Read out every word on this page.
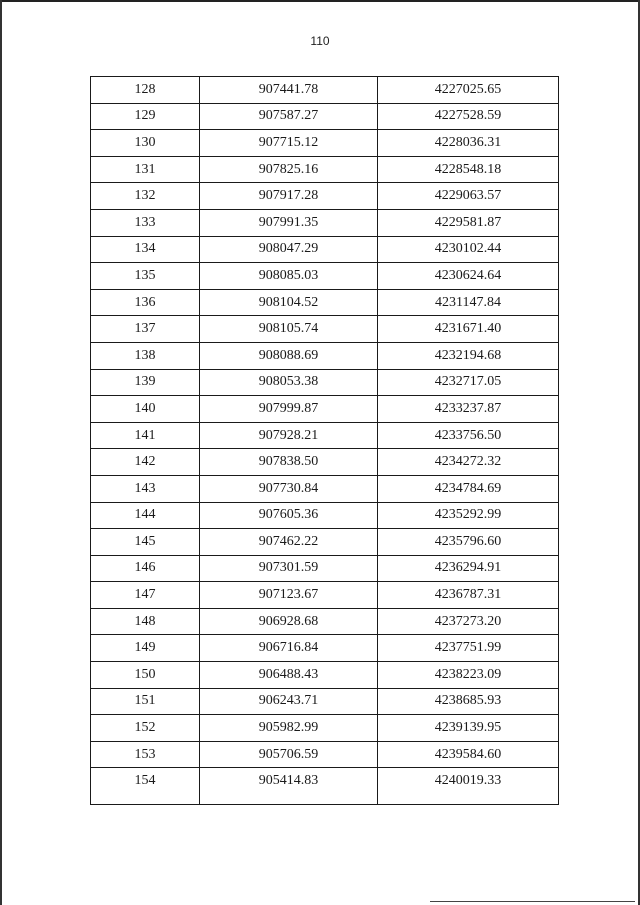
110
128	907441.78	4227025.65
129	907587.27	4227528.59
130	907715.12	4228036.31
131	907825.16	4228548.18
132	907917.28	4229063.57
133	907991.35	4229581.87
134	908047.29	4230102.44
135	908085.03	4230624.64
136	908104.52	4231147.84
137	908105.74	4231671.40
138	908088.69	4232194.68
139	908053.38	4232717.05
140	907999.87	4233237.87
141	907928.21	4233756.50
142	907838.50	4234272.32
143	907730.84	4234784.69
144	907605.36	4235292.99
145	907462.22	4235796.60
146	907301.59	4236294.91
147	907123.67	4236787.31
148	906928.68	4237273.20
149	906716.84	4237751.99
150	906488.43	4238223.09
151	906243.71	4238685.93
152	905982.99	4239139.95
153	905706.59	4239584.60
154	905414.83	4240019.33
